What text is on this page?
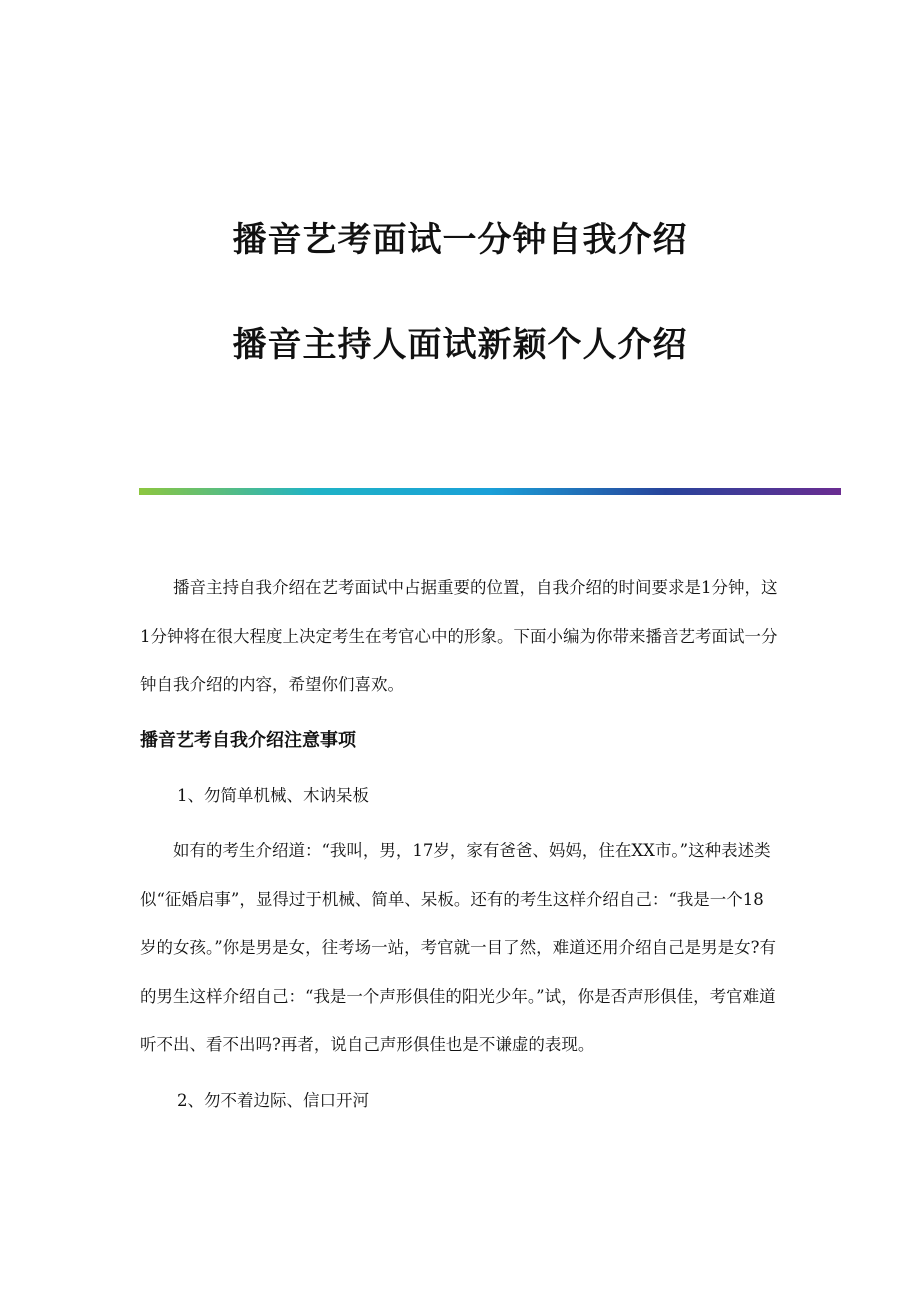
播音艺考面试一分钟自我介绍
播音主持人面试新颖个人介绍

播音主持自我介绍在艺考面试中占据重要的位置，自我介绍的时间要求是1分钟，这1分钟将在很大程度上决定考生在考官心中的形象。下面小编为你带来播音艺考面试一分钟自我介绍的内容，希望你们喜欢。

播音艺考自我介绍注意事项

1、勿简单机械、木讷呆板

如有的考生介绍道：“我叫，男，17岁，家有爸爸、妈妈，住在XX市。”这种表述类似“征婚启事”，显得过于机械、简单、呆板。还有的考生这样介绍自己：“我是一个18岁的女孩。”你是男是女，往考场一站，考官就一目了然，难道还用介绍自己是男是女?有的男生这样介绍自己：“我是一个声形俱佳的阳光少年。”试，你是否声形俱佳，考官难道听不出、看不出吗?再者，说自己声形俱佳也是不谦虚的表现。

2、勿不着边际、信口开河
